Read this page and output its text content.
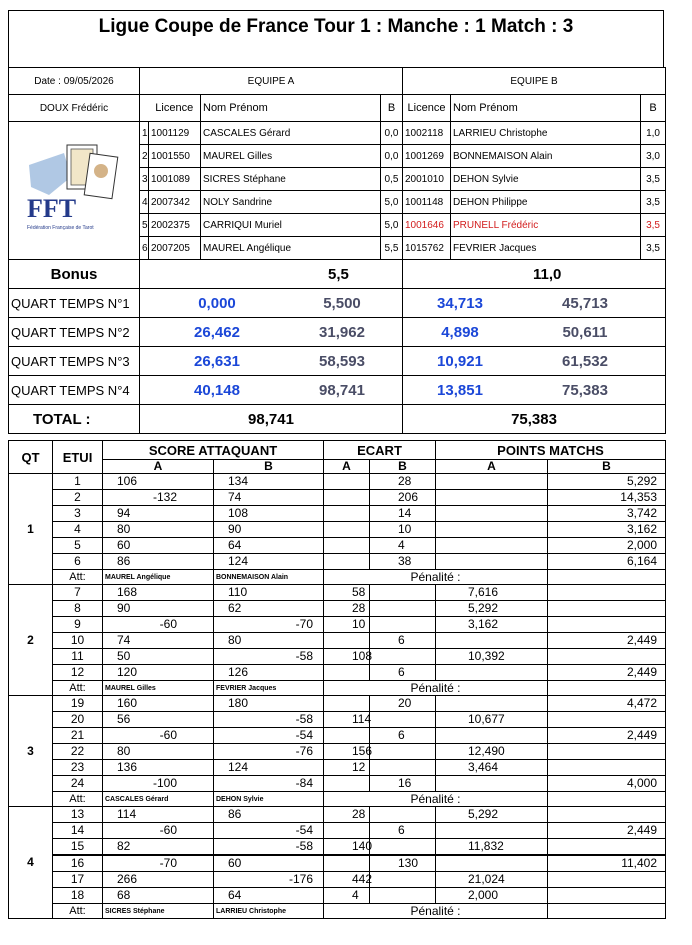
Ligue Coupe de France Tour 1 : Manche : 1 Match : 3
Date : 09/05/2026	EQUIPE A				EQUIPE B		
DOUX Frédéric		Licence	Nom Prénom	B	Licence	Nom Prénom	B

FFT
Fédération Française de Tarot	1	1001129	CASCALES Gérard	0,0	1002118	LARRIEU Christophe	1,0
	2	1001550	MAUREL Gilles	0,0	1001269	BONNEMAISON Alain	3,0
	3	1001089	SICRES Stéphane	0,5	2001010	DEHON Sylvie	3,5
	4	2007342	NOLY Sandrine	5,0	1001148	DEHON Philippe	3,5
	5	2002375	CARRIQUI Muriel	5,0	1001646	PRUNELL Frédéric	3,5
	6	2007205	MAUREL Angélique	5,5	1015762	FEVRIER Jacques	3,5
Bonus	5,5				11,0		
QUART TEMPS N°1	0,000 5,500				34,713 45,713		
QUART TEMPS N°2	26,462 31,962				4,898 50,611		
QUART TEMPS N°3	26,631 58,593				10,921 61,532		
QUART TEMPS N°4	40,148 98,741				13,851 75,383		
TOTAL :	98,741				75,383		
QT	ETUI	SCORE ATTAQUANT		ECART		POINTS MATCHS	
		A	B	A	B	A	B
1	1	106	134		28		5,292
	2	-132	74		206		14,353
	3	94	108		14		3,742
	4	80	90		10		3,162
	5	60	64		4		2,000
	6	86	124		38		6,164
	Att:	MAUREL Angélique	BONNEMAISON Alain	Pénalité :			
2	7	168	110	58		7,616	
	8	90	62	28		5,292	
	9	-60	-70	10		3,162	
	10	74	80		6		2,449
	11	50	-58	108		10,392	
	12	120	126		6		2,449
	Att:	MAUREL Gilles	FEVRIER Jacques	Pénalité :			
3	19	160	180		20		4,472
	20	56	-58	114		10,677	
	21	-60	-54		6		2,449
	22	80	-76	156		12,490	
	23	136	124	12		3,464	
	24	-100	-84		16		4,000
	Att:	CASCALES Gérard	DEHON Sylvie	Pénalité :			
4	13	114	86	28		5,292	
	14	-60	-54		6		2,449
	15	82	-58	140		11,832	
	16	-70	60		130		11,402
	17	266	-176	442		21,024	
	18	68	64	4		2,000	
	Att:	SICRES Stéphane	LARRIEU Christophe	Pénalité :			
